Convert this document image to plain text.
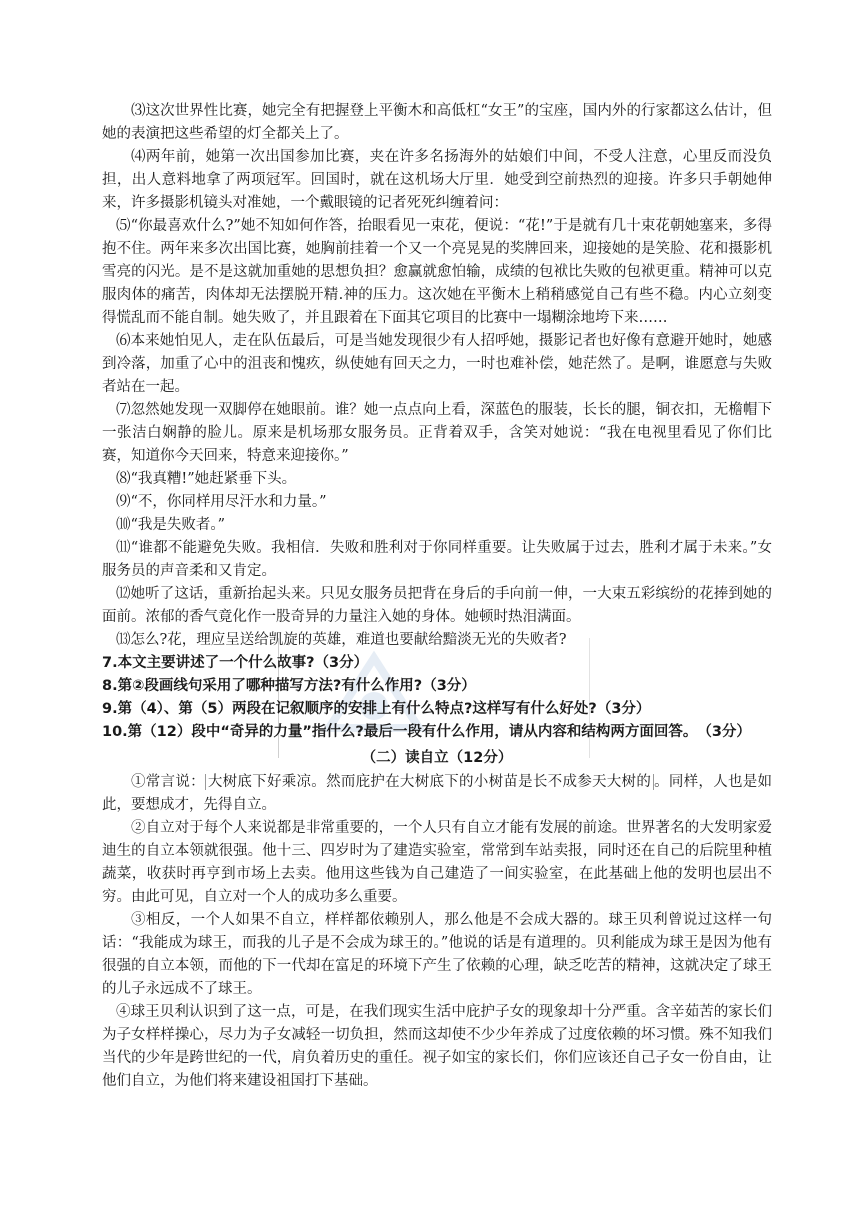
⑶这次世界性比赛，她完全有把握登上平衡木和高低杠“女王”的宝座，国内外的行家都这么估计，但她的表演把这些希望的灯全都关上了。

⑷两年前，她第一次出国参加比赛，夹在许多名扬海外的姑娘们中间，不受人注意，心里反而没负担，出人意料地拿了两项冠军。回国时，就在这机场大厅里．她受到空前热烈的迎接。许多只手朝她伸来，许多摄影机镜头对准她，一个戴眼镜的记者死死纠缠着问：

⑸“你最喜欢什么?”她不知如何作答，抬眼看见一束花，便说：“花!”于是就有几十束花朝她塞来，多得抱不住。两年来多次出国比赛，她胸前挂着一个又一个亮晃晃的奖牌回来，迎接她的是笑脸、花和摄影机雪亮的闪光。是不是这就加重她的思想负担？愈赢就愈怕输，成绩的包袱比失败的包袱更重。精神可以克服肉体的痛苦，肉体却无法摆脱开精.神的压力。这次她在平衡木上稍稍感觉自己有些不稳。内心立刻变得慌乱而不能自制。她失败了，并且跟着在下面其它项目的比赛中一塌糊涂地垮下来……

⑹本来她怕见人，走在队伍最后，可是当她发现很少有人招呼她，摄影记者也好像有意避开她时，她感到冷落，加重了心中的沮丧和愧疚，纵使她有回天之力，一时也难补偿，她茫然了。是啊，谁愿意与失败者站在一起。

⑺忽然她发现一双脚停在她眼前。谁？她一点点向上看，深蓝色的服装，长长的腿，铜衣扣，无檐帽下一张洁白娴静的脸儿。原来是机场那女服务员。正背着双手，含笑对她说：“我在电视里看见了你们比赛，知道你今天回来，特意来迎接你。”

⑻“我真糟!”她赶紧垂下头。

⑼“不，你同样用尽汗水和力量。”

⑽“我是失败者。”

⑾“谁都不能避免失败。我相信．失败和胜利对于你同样重要。让失败属于过去，胜利才属于未来。”女服务员的声音柔和又肯定。

⑿她听了这话，重新抬起头来。只见女服务员把背在身后的手向前一伸，一大束五彩缤纷的花捧到她的面前。浓郁的香气竟化作一股奇异的力量注入她的身体。她顿时热泪满面。

⒀怎么?花，理应呈送给凯旋的英雄，难道也要献给黯淡无光的失败者?

7.本文主要讲述了一个什么故事?（3分）

8.第②段画线句采用了哪种描写方法?有什么作用?（3分）

9.第（4）、第（5）两段在记叙顺序的安排上有什么特点?这样写有什么好处?（3分）

10.第（12）段中“奇异的力量”指什么?最后一段有什么作用，请从内容和结构两方面回答。　（3分）

（二）读自立（12分）

①常言说： 大树底下好乘凉。然而庇护在大树底下的小树苗是长不成参天大树的 。同样，人也是如此，要想成才，先得自立。

②自立对于每个人来说都是非常重要的，一个人只有自立才能有发展的前途。世界著名的大发明家爱迪生的自立本领就很强。他十三、四岁时为了建造实验室，常常到车站卖报，同时还在自己的后院里种植蔬菜，收获时再亨到市场上去卖。他用这些钱为自己建造了一间实验室，在此基础上他的发明也层出不穷。由此可见，自立对一个人的成功多么重要。

③相反，一个人如果不自立，样样都依赖别人，那么他是不会成大器的。球王贝利曾说过这样一句话：“我能成为球王，而我的儿子是不会成为球王的。”他说的话是有道理的。贝利能成为球王是因为他有很强的自立本领，而他的下一代却在富足的环境下产生了依赖的心理，缺乏吃苦的精神，这就决定了球王的儿子永远成不了球王。

④球王贝利认识到了这一点，可是，在我们现实生活中庇护子女的现象却十分严重。含辛茹苦的家长们为子女样样操心，尽力为子女减轻一切负担，然而这却使不少少年养成了过度依赖的坏习惯。殊不知我们当代的少年是跨世纪的一代，肩负着历史的重任。视子如宝的家长们，你们应该还自己子女一份自由，让他们自立，为他们将来建设祖国打下基础。
